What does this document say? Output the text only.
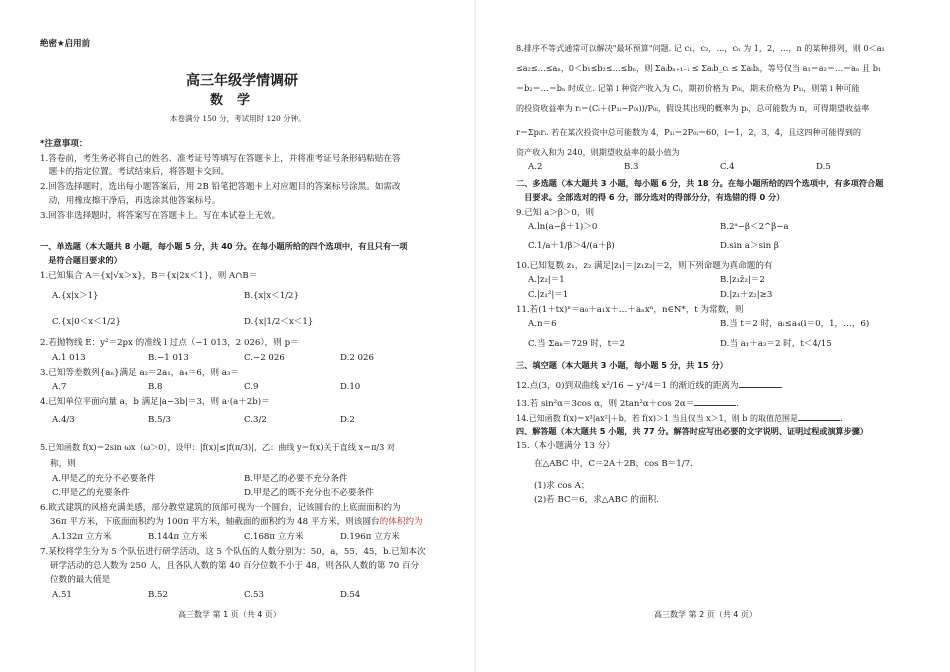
绝密★启用前
高三年级学情调研
数学
本卷满分 150 分，考试用时 120 分钟。
*注意事项：
1.答卷前，考生务必将自己的姓名、准考证号等填写在答题卡上，并将准考证号条形码粘贴在答
　题卡的指定位置。考试结束后，将答题卡交回。
2.回答选择题时，选出每小题答案后，用 2B 铅笔把答题卡上对应题目的答案标号涂黑。如需改
　动，用橡皮擦干净后，再选涂其他答案标号。
3.回答非选择题时，将答案写在答题卡上。写在本试卷上无效。
一、单选题（本大题共 8 小题，每小题 5 分，共 40 分。在每小题所给的四个选项中，有且只有一项
　是符合题目要求的）
1.已知集合 A＝{x|√x＞x}，B＝{x|2x＜1}，则 A∩B＝
A.{x|x＞1}	B.{x|x＜1/2}
C.{x|0＜x＜1/2}	D.{x|1/2＜x＜1}
2.若抛物线 E：y²＝2px 的准线 l 过点（−1 013，2 026），则 p＝
A.1 013	B.−1 013	C.−2 026	D.2 026
3.已知等差数列{aₙ}满足 a₂＝2a₁，a₄＝6，则 a₃＝
A.7	B.8	C.9	D.10
4.已知单位平面向量 a，b 满足|a−3b|＝3，则 a·(a＋2b)＝
A.4/3	B.5/3	C.3/2	D.2
5.已知函数 f(x)＝2sin ωx（ω＞0），设甲：|f(x)|≤|f(π/3)|，乙：曲线 y＝f(x)关于直线 x＝π/3 对
称，则
A.甲是乙的充分不必要条件	B.甲是乙的必要不充分条件
C.甲是乙的充要条件	D.甲是乙的既不充分也不必要条件
6.欧式建筑的风格充满美感，部分教堂建筑的顶部可视为一个圆台，记该圆台的上底面面积约为
36π 平方米，下底面面积约为 100π 平方米，轴截面的面积约为 48 平方米，则该圆台的体积约为
A.132π 立方米	B.144π 立方米	C.168π 立方米	D.196π 立方米
7.某校将学生分为 5 个队伍进行研学活动，这 5 个队伍的人数分别为：50，a，55，45，b.已知本次
研学活动的总人数为 250 人，且各队人数的第 40 百分位数不小于 48，则各队人数的第 70 百分
位数的最大值是
A.51	B.52	C.53	D.54
高三数学 第 1 页（共 4 页）
8.排序不等式通常可以解决"最坏预算"问题. 记 c₁，c₂，…，cₙ 为 1，2，…，n 的某种排列，则 0＜a₁
≤a₂≤…≤aₙ，0＜b₁≤b₂≤…≤bₙ，则 Σaᵢbₙ₊₁₋ᵢ ≤ Σaᵢb_cᵢ ≤ Σaᵢbᵢ，等号仅当 a₁＝a₂＝…＝aₙ 且 b₁
＝b₂＝…＝bₙ 时成立. 记第 i 种资产收入为 Cᵢ，期初价格为 P₀ᵢ，期末价格为 P₁ᵢ，则第 i 种可能
的投资收益率为 rᵢ＝(Cᵢ＋(P₁ᵢ−P₀ᵢ))/P₀ᵢ，假设其出现的概率为 pᵢ，总可能数为 n，可得期望收益率
r＝Σpᵢrᵢ. 若在某次投资中总可能数为 4，P₁ᵢ＝2P₀ᵢ＝60，i＝1，2，3，4，且这四种可能得到的
资产收入和为 240，则期望收益率的最小值为
A.2	B.3	C.4	D.5
二、多选题（本大题共 3 小题，每小题 6 分，共 18 分。在每小题所给的四个选项中，有多项符合题
　目要求。全部选对的得 6 分，部分选对的得部分分，有选错的得 0 分）
9.已知 a＞β＞0，则
A.ln(a−β＋1)＞0	B.2ᵃ−β＜2^β−a
C.1/a＋1/β＞4/(a＋β)	D.sin a＞sin β
10.已知复数 z₁，z₂ 满足|z₁|＝|z₁z₂|＝2，则下列命题为真命题的有
A.|z₂|＝1	B.|z₁z̄₂|＝2
C.|z₁²|＝1	D.|z₁＋z₂|≥3
11.若(1＋tx)ⁿ＝a₀＋a₁x＋…＋aₙxⁿ，n∈N*，t 为常数，则
A.n＝6	B.当 t＝2 时，aᵢ≤a₄(i＝0，1，…，6)
C.当 Σaₖ＝729 时，t＝2	D.当 a₁＋a₃＝2 时，t＜4/15
三、填空题（本大题共 3 小题，每小题 5 分，共 15 分）
12.点(3，0)到双曲线 x²/16 − y²/4＝1 的渐近线的距离为	.
13.若 sin²α＝3cos α，则 2tan²α＋cos 2α＝	.
14.已知函数 f(x)＝x³|ax²|＋b，若 f(x)＞1 当且仅当 x＞1，则 b 的取值范围是	.
四、解答题（本大题共 5 小题，共 77 分。解答时应写出必要的文字说明、证明过程或演算步骤）
15.（本小题满分 13 分）
在△ABC 中，C＝2A＋2B，cos B＝1/7.
(1)求 cos A；
(2)若 BC＝6，求△ABC 的面积.
高三数学 第 2 页（共 4 页）
